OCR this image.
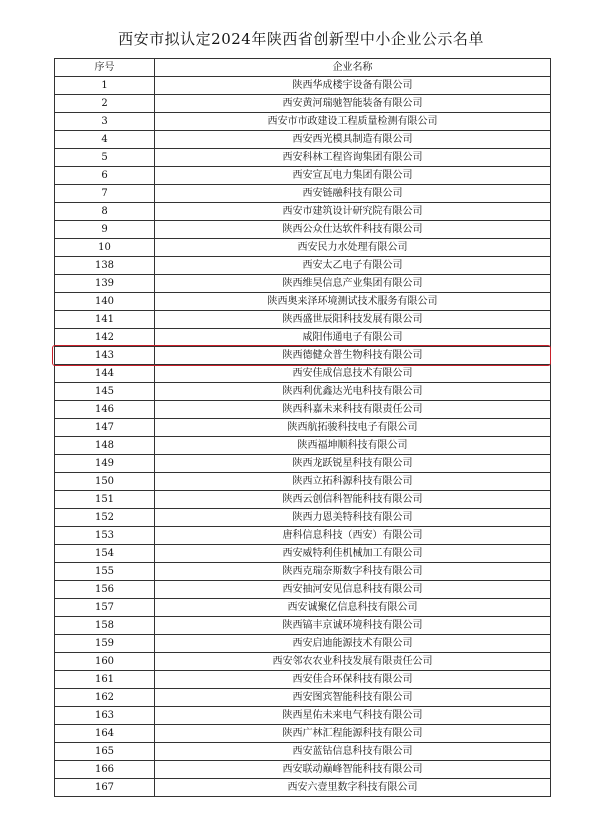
西安市拟认定2024年陕西省创新型中小企业公示名单
序号	企业名称
1	陕西华成楼宇设备有限公司
2	西安黄河瑞驰智能装备有限公司
3	西安市市政建设工程质量检测有限公司
4	西安西光模具制造有限公司
5	西安科林工程咨询集团有限公司
6	西安宣瓦电力集团有限公司
7	西安链融科技有限公司
8	西安市建筑设计研究院有限公司
9	陕西公众仕达软件科技有限公司
10	西安民力水处理有限公司
138	西安太乙电子有限公司
139	陕西维昊信息产业集团有限公司
140	陕西奥来泽环境测试技术服务有限公司
141	陕西盛世辰阳科技发展有限公司
142	咸阳伟通电子有限公司
143	陕西德健众普生物科技有限公司
144	西安佳成信息技术有限公司
145	陕西利优鑫达光电科技有限公司
146	陕西科嘉未来科技有限责任公司
147	陕西航拓骏科技电子有限公司
148	陕西福坤顺科技有限公司
149	陕西龙跃锐星科技有限公司
150	陕西立拓科源科技有限公司
151	陕西云创信科智能科技有限公司
152	陕西力恩美特科技有限公司
153	唐科信息科技（西安）有限公司
154	西安威特利佳机械加工有限公司
155	陕西克瑞奈斯数字科技有限公司
156	西安抽河安见信息科技有限公司
157	西安诚聚亿信息科技有限公司
158	陕西镐丰京诚环境科技有限公司
159	西安启迪能源技术有限公司
160	西安邻农农业科技发展有限责任公司
161	西安佳合环保科技有限公司
162	西安图宾智能科技有限公司
163	陕西星佑未来电气科技有限公司
164	陕西广林汇程能源科技有限公司
165	西安蓝钻信息科技有限公司
166	西安联动巅峰智能科技有限公司
167	西安六壹里数字科技有限公司
